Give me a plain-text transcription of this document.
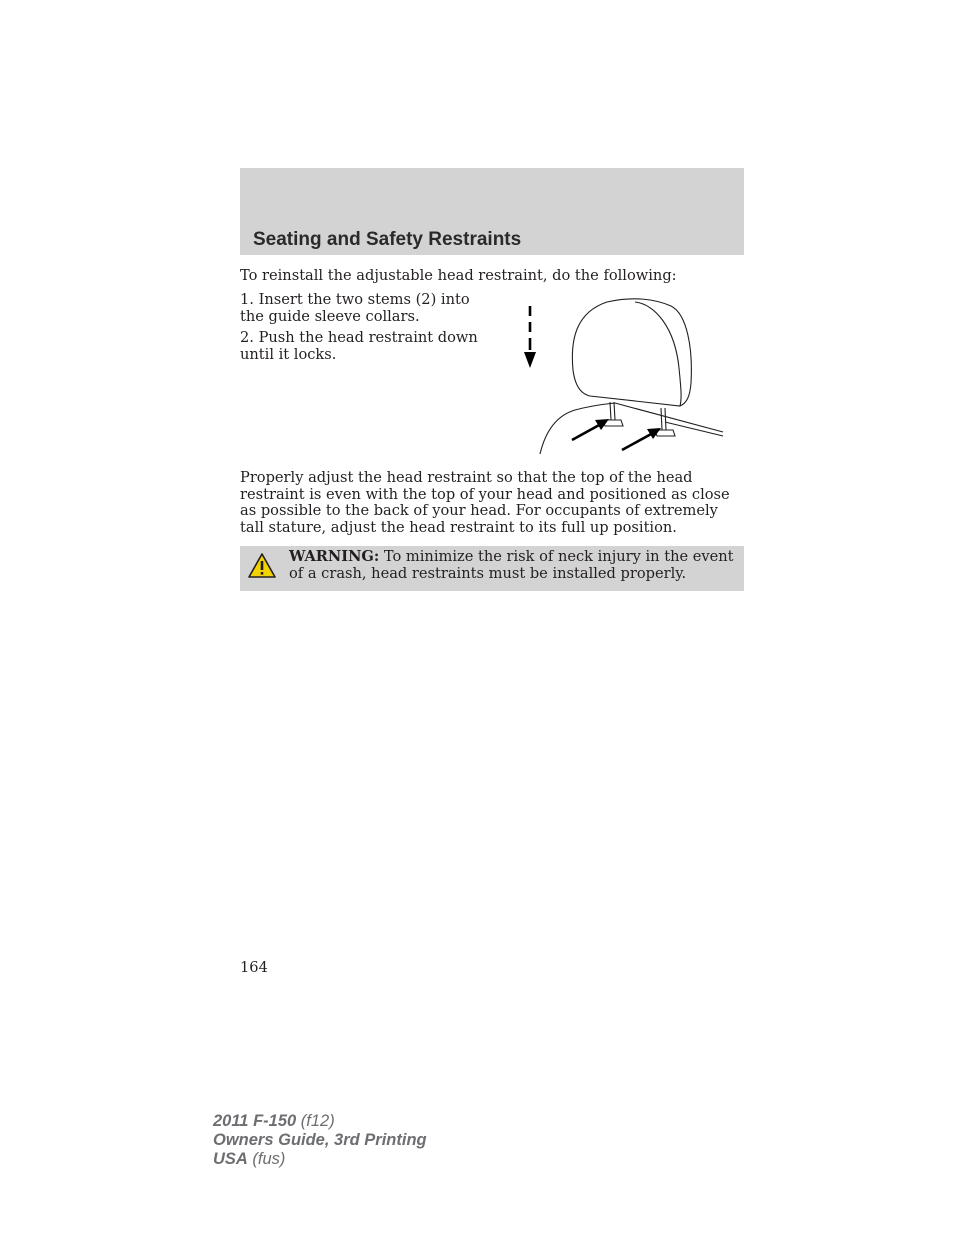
Seating and Safety Restraints

To reinstall the adjustable head restraint, do the following:

1. Insert the two stems (2) into the guide sleeve collars.

2. Push the head restraint down until it locks.

Properly adjust the head restraint so that the top of the head restraint is even with the top of your head and positioned as close as possible to the back of your head. For occupants of extremely tall stature, adjust the head restraint to its full up position.

WARNING: To minimize the risk of neck injury in the event of a crash, head restraints must be installed properly.

164

2011 F-150 (f12)
Owners Guide, 3rd Printing
USA (fus)
